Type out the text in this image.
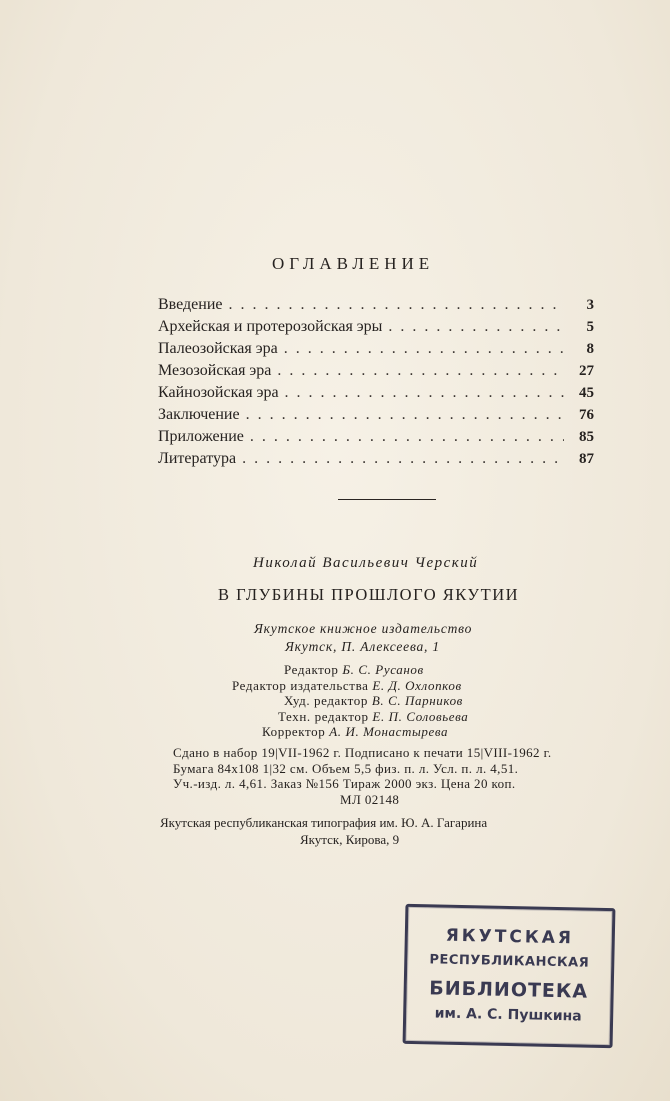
ОГЛАВЛЕНИЕ
Введение . . .	3
Архейская и протерозойская эры . . .	5
Палеозойская эра . . .	8
Мезозойская эра . . .	27
Кайнозойская эра . . .	45
Заключение . . .	76
Приложение . . .	85
Литература . . .	87
Николай Васильевич Черский
В ГЛУБИНЫ ПРОШЛОГО ЯКУТИИ
Якутское книжное издательство
Якутск, П. Алексеева, 1
Редактор Б. С. Русанов
Редактор издательства Е. Д. Охлопков
Худ. редактор В. С. Парников
Техн. редактор Е. П. Соловьева
Корректор А. И. Монастырева
Сдано в набор 19|VII-1962 г. Подписано к печати 15|VIII-1962 г.
Бумага 84x108 1|32 см. Объем 5,5 физ. п. л. Усл. п. л. 4,51.
Уч.-изд. л. 4,61. Заказ №156 Тираж 2000 экз. Цена 20 коп.
МЛ 02148
Якутская республиканская типография им. Ю. А. Гагарина
Якутск, Кирова, 9
ЯКУТСКАЯ
РЕСПУБЛИКАНСКАЯ
БИБЛИОТЕКА
им. А. С. Пушкина
